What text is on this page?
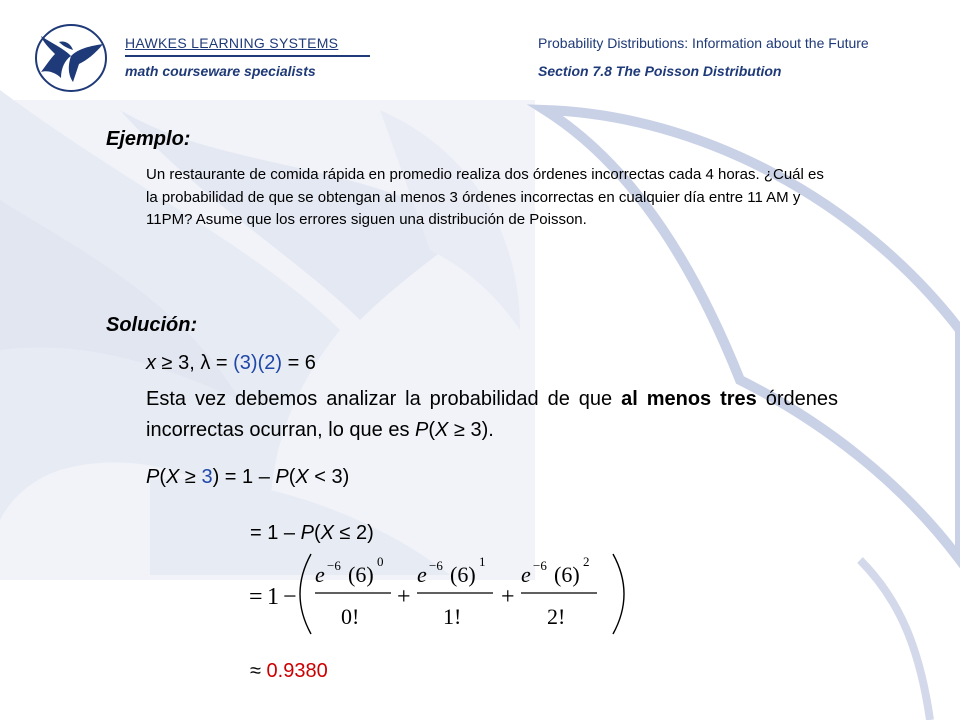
HAWKES LEARNING SYSTEMS
math courseware specialists
Probability Distributions: Information about the Future
Section 7.8 The Poisson Distribution
Ejemplo:
Un restaurante de comida rápida en promedio realiza dos órdenes incorrectas cada 4 horas. ¿Cuál es la probabilidad de que se obtengan al menos 3 órdenes incorrectas en cualquier día entre 11 AM y 11PM? Asume que los errores siguen una distribución de Poisson.
Solución:
x ≥ 3, λ = (3)(2) = 6
Esta vez debemos analizar la probabilidad de que al menos tres órdenes incorrectas ocurran, lo que es P(X ≥ 3).
P(X ≥ 3) = 1 – P(X < 3)
= 1 – P(X ≤ 2)
= 1 −
e −6 (6)
0
0!
+
e −6 (6)
1
1!
+
e −6 (6)
2
2!
≈ 0.9380
